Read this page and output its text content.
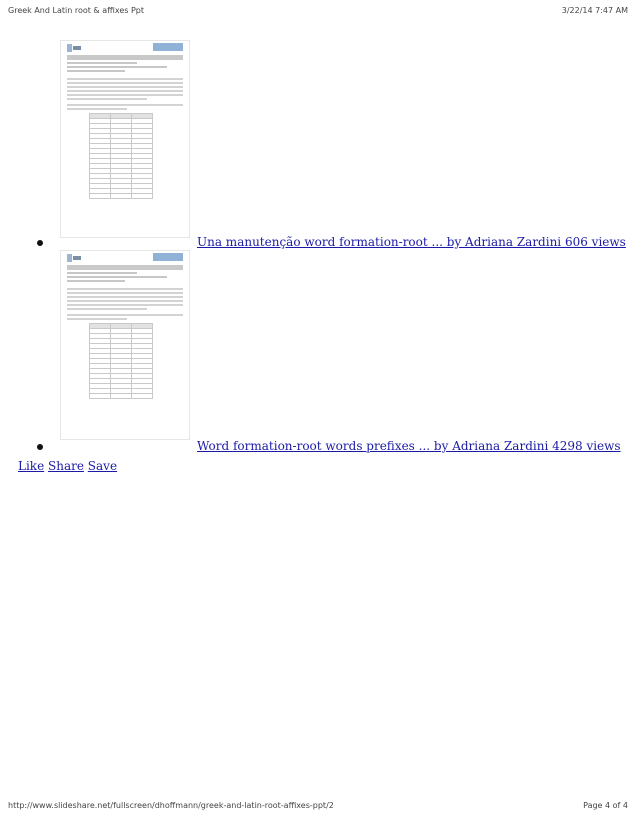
Greek And Latin root & affixes Ppt	3/22/14 7:47 AM

Una manutenção word formation-root ... by Adriana Zardini 606 views

Word formation-root words prefixes ... by Adriana Zardini 4298 views
Like Share Save
http://www.slideshare.net/fullscreen/dhoffmann/greek-and-latin-root-affixes-ppt/2	Page 4 of 4
